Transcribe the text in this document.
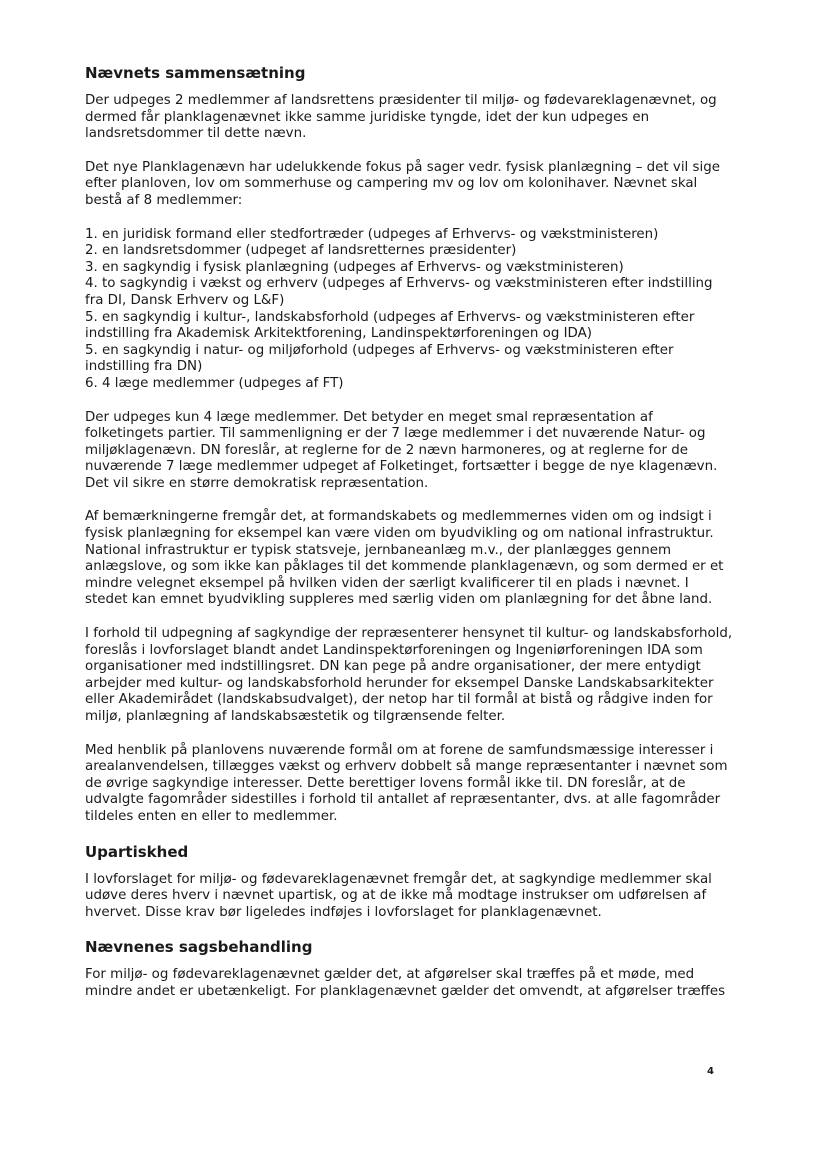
Nævnets sammensætning

Der udpeges 2 medlemmer af landsrettens præsidenter til miljø- og fødevareklagenævnet, og dermed får planklagenævnet ikke samme juridiske tyngde, idet der kun udpeges en landsretsdommer til dette nævn.

Det nye Planklagenævn har udelukkende fokus på sager vedr. fysisk planlægning – det vil sige efter planloven, lov om sommerhuse og campering mv og lov om kolonihaver. Nævnet skal bestå af 8 medlemmer:

1. en juridisk formand eller stedfortræder (udpeges af Erhvervs- og vækstministeren)
2. en landsretsdommer (udpeget af landsretternes præsidenter)
3. en sagkyndig i fysisk planlægning (udpeges af Erhvervs- og vækstministeren)
4. to sagkyndig i vækst og erhverv (udpeges af Erhvervs- og vækstministeren efter indstilling fra DI, Dansk Erhverv og L&F)
5. en sagkyndig i kultur-, landskabsforhold (udpeges af Erhvervs- og vækstministeren efter indstilling fra Akademisk Arkitektforening, Landinspektørforeningen og IDA)
5. en sagkyndig i natur- og miljøforhold (udpeges af Erhvervs- og vækstministeren efter indstilling fra DN)
6. 4 læge medlemmer (udpeges af FT)

Der udpeges kun 4 læge medlemmer. Det betyder en meget smal repræsentation af folketingets partier. Til sammenligning er der 7 læge medlemmer i det nuværende Natur- og miljøklagenævn. DN foreslår, at reglerne for de 2 nævn harmoneres, og at reglerne for de nuværende 7 læge medlemmer udpeget af Folketinget, fortsætter i begge de nye klagenævn. Det vil sikre en større demokratisk repræsentation.

Af bemærkningerne fremgår det, at formandskabets og medlemmernes viden om og indsigt i fysisk planlægning for eksempel kan være viden om byudvikling og om national infrastruktur. National infrastruktur er typisk statsveje, jernbaneanlæg m.v., der planlægges gennem anlægslove, og som ikke kan påklages til det kommende planklagenævn, og som dermed er et mindre velegnet eksempel på hvilken viden der særligt kvalificerer til en plads i nævnet. I stedet kan emnet byudvikling suppleres med særlig viden om planlægning for det åbne land.

I forhold til udpegning af sagkyndige der repræsenterer hensynet til kultur- og landskabsforhold, foreslås i lovforslaget blandt andet Landinspektørforeningen og Ingeniørforeningen IDA som organisationer med indstillingsret. DN kan pege på andre organisationer, der mere entydigt arbejder med kultur- og landskabsforhold herunder for eksempel Danske Landskabsarkitekter eller Akademirådet (landskabsudvalget), der netop har til formål at bistå og rådgive inden for miljø, planlægning af landskabsæstetik og tilgrænsende felter.

Med henblik på planlovens nuværende formål om at forene de samfundsmæssige interesser i arealanvendelsen, tillægges vækst og erhverv dobbelt så mange repræsentanter i nævnet som de øvrige sagkyndige interesser. Dette berettiger lovens formål ikke til. DN foreslår, at de udvalgte fagområder sidestilles i forhold til antallet af repræsentanter, dvs. at alle fagområder tildeles enten en eller to medlemmer.

Upartiskhed

I lovforslaget for miljø- og fødevareklagenævnet fremgår det, at sagkyndige medlemmer skal udøve deres hverv i nævnet upartisk, og at de ikke må modtage instrukser om udførelsen af hvervet. Disse krav bør ligeledes indføjes i lovforslaget for planklagenævnet.

Nævnenes sagsbehandling

For miljø- og fødevareklagenævnet gælder det, at afgørelser skal træffes på et møde, med mindre andet er ubetænkeligt. For planklagenævnet gælder det omvendt, at afgørelser træffes

4
